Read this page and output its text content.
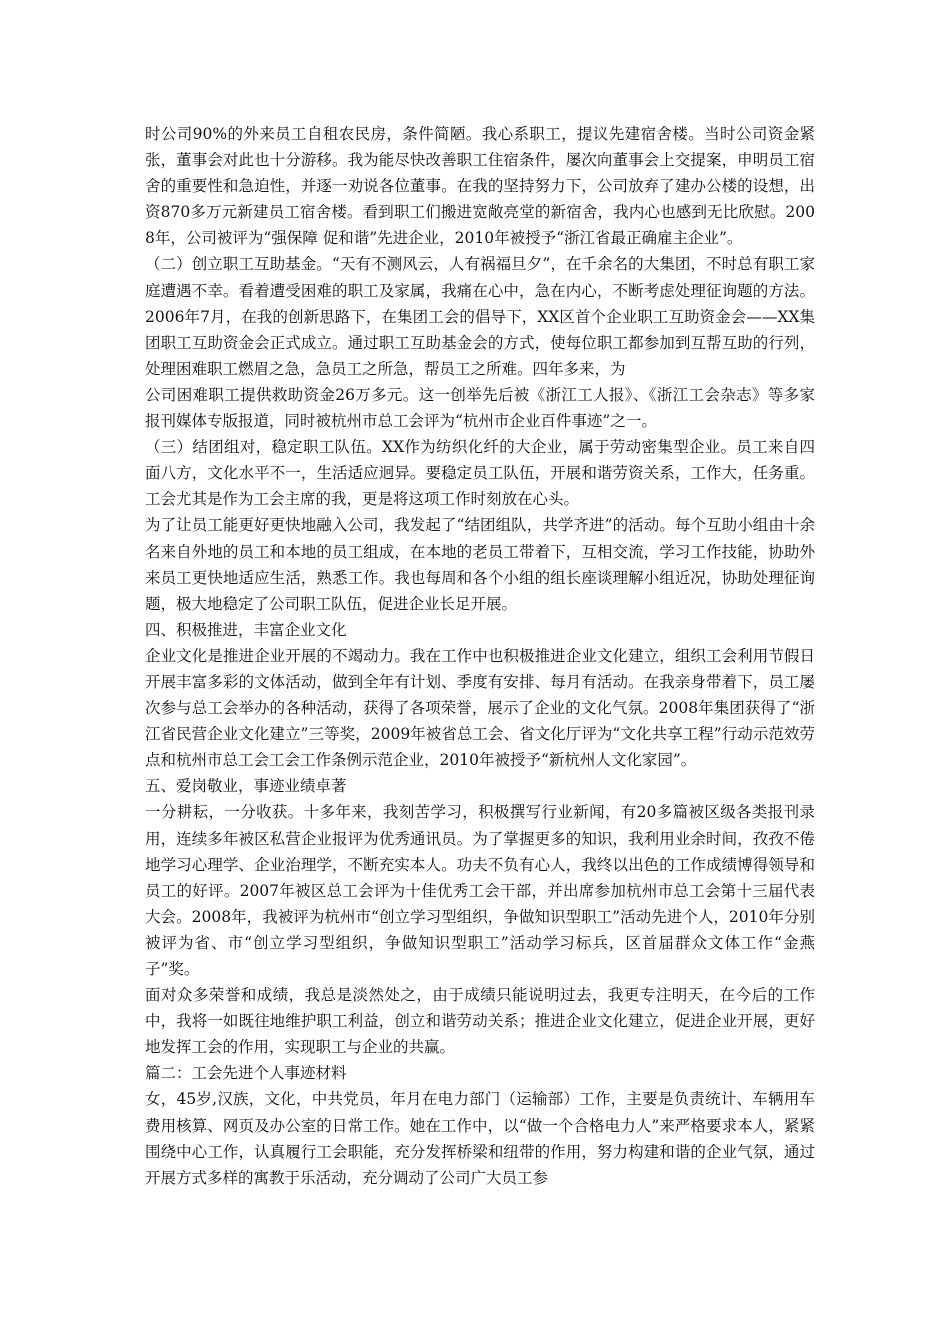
时公司90%的外来员工自租农民房，条件简陋。我心系职工，提议先建宿舍楼。当时公司资金紧张，董事会对此也十分游移。我为能尽快改善职工住宿条件，屡次向董事会上交提案，申明员工宿舍的重要性和急迫性，并逐一劝说各位董事。在我的坚持努力下，公司放弃了建办公楼的设想，出资870多万元新建员工宿舍楼。看到职工们搬进宽敞亮堂的新宿舍，我内心也感到无比欣慰。2008年，公司被评为“强保障 促和谐”先进企业，2010年被授予“浙江省最正确雇主企业”。

（二）创立职工互助基金。“天有不测风云，人有祸福旦夕”，在千余名的大集团，不时总有职工家庭遭遇不幸。看着遭受困难的职工及家属，我痛在心中，急在内心，不断考虑处理征询题的方法。2006年7月，在我的创新思路下，在集团工会的倡导下，XX区首个企业职工互助资金会——XX集团职工互助资金会正式成立。通过职工互助基金会的方式，使每位职工都参加到互帮互助的行列，处理困难职工燃眉之急，急员工之所急，帮员工之所难。四年多来，为

公司困难职工提供救助资金26万多元。这一创举先后被《浙江工人报》、《浙江工会杂志》等多家报刊媒体专版报道，同时被杭州市总工会评为“杭州市企业百件事迹”之一。

（三）结团组对，稳定职工队伍。XX作为纺织化纤的大企业，属于劳动密集型企业。员工来自四面八方，文化水平不一，生活适应迥异。要稳定员工队伍，开展和谐劳资关系，工作大，任务重。工会尤其是作为工会主席的我，更是将这项工作时刻放在心头。

为了让员工能更好更快地融入公司，我发起了“结团组队，共学齐进”的活动。每个互助小组由十余名来自外地的员工和本地的员工组成，在本地的老员工带着下，互相交流，学习工作技能，协助外来员工更快地适应生活，熟悉工作。我也每周和各个小组的组长座谈理解小组近况，协助处理征询题，极大地稳定了公司职工队伍，促进企业长足开展。

四、积极推进，丰富企业文化

企业文化是推进企业开展的不竭动力。我在工作中也积极推进企业文化建立，组织工会利用节假日开展丰富多彩的文体活动，做到全年有计划、季度有安排、每月有活动。在我亲身带着下，员工屡次参与总工会举办的各种活动，获得了各项荣誉，展示了企业的文化气氛。2008年集团获得了“浙江省民营企业文化建立”三等奖，2009年被省总工会、省文化厅评为“文化共享工程”行动示范效劳点和杭州市总工会工会工作条例示范企业，2010年被授予“新杭州人文化家园”。

五、爱岗敬业，事迹业绩卓著

一分耕耘，一分收获。十多年来，我刻苦学习，积极撰写行业新闻，有20多篇被区级各类报刊录用，连续多年被区私营企业报评为优秀通讯员。为了掌握更多的知识，我利用业余时间，孜孜不倦地学习心理学、企业治理学，不断充实本人。功夫不负有心人，我终以出色的工作成绩博得领导和员工的好评。2007年被区总工会评为十佳优秀工会干部，并出席参加杭州市总工会第十三届代表大会。2008年，我被评为杭州市“创立学习型组织，争做知识型职工”活动先进个人，2010年分别被评为省、市“创立学习型组织，争做知识型职工”活动学习标兵，区首届群众文体工作“金燕子”奖。

面对众多荣誉和成绩，我总是淡然处之，由于成绩只能说明过去，我更专注明天，在今后的工作中，我将一如既往地维护职工利益，创立和谐劳动关系；推进企业文化建立，促进企业开展，更好地发挥工会的作用，实现职工与企业的共赢。

篇二：工会先进个人事迹材料

女，45岁,汉族，文化，中共党员，年月在电力部门（运输部）工作，主要是负责统计、车辆用车费用核算、网页及办公室的日常工作。她在工作中，以“做一个合格电力人”来严格要求本人，紧紧围绕中心工作，认真履行工会职能，充分发挥桥梁和纽带的作用，努力构建和谐的企业气氛，通过开展方式多样的寓教于乐活动，充分调动了公司广大员工参
